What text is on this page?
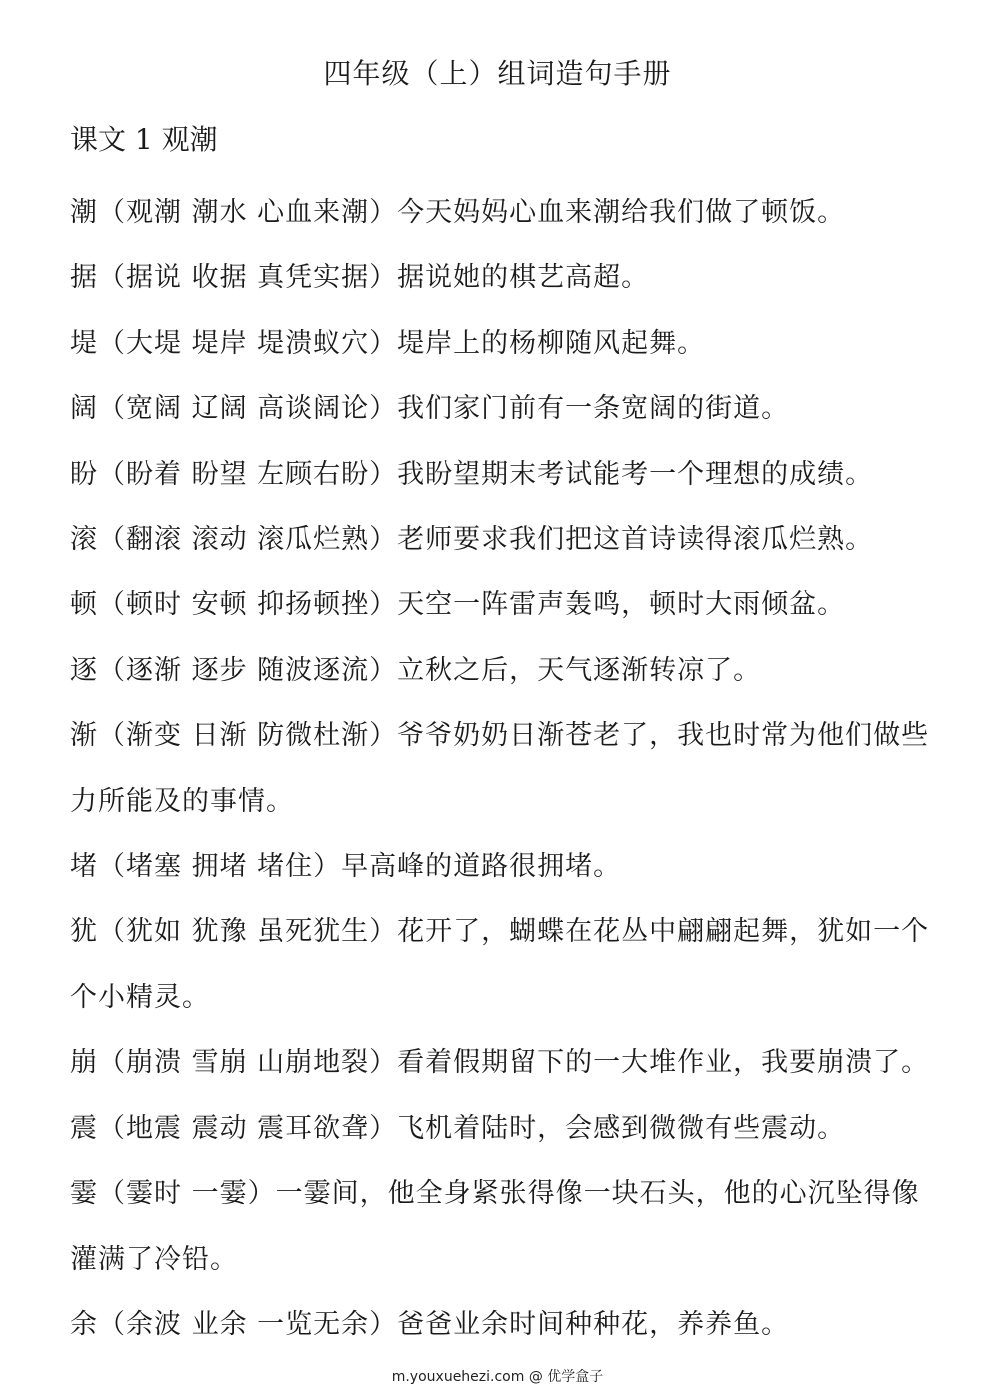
四年级（上）组词造句手册
课文 1 观潮
潮（观潮 潮水 心血来潮）今天妈妈心血来潮给我们做了顿饭。
据（据说 收据 真凭实据）据说她的棋艺高超。
堤（大堤 堤岸 堤溃蚁穴）堤岸上的杨柳随风起舞。
阔（宽阔 辽阔 高谈阔论）我们家门前有一条宽阔的街道。
盼（盼着 盼望 左顾右盼）我盼望期末考试能考一个理想的成绩。
滚（翻滚 滚动 滚瓜烂熟）老师要求我们把这首诗读得滚瓜烂熟。
顿（顿时 安顿 抑扬顿挫）天空一阵雷声轰鸣，顿时大雨倾盆。
逐（逐渐 逐步 随波逐流）立秋之后，天气逐渐转凉了。
渐（渐变 日渐 防微杜渐）爷爷奶奶日渐苍老了，我也时常为他们做些力所能及的事情。
堵（堵塞 拥堵 堵住）早高峰的道路很拥堵。
犹（犹如 犹豫 虽死犹生）花开了，蝴蝶在花丛中翩翩起舞，犹如一个个小精灵。
崩（崩溃 雪崩 山崩地裂）看着假期留下的一大堆作业，我要崩溃了。
震（地震 震动 震耳欲聋）飞机着陆时，会感到微微有些震动。
霎（霎时 一霎）一霎间，他全身紧张得像一块石头，他的心沉坠得像灌满了冷铅。
余（余波 业余 一览无余）爸爸业余时间种种花，养养鱼。
m.youxuehezi.com @ 优学盒子
